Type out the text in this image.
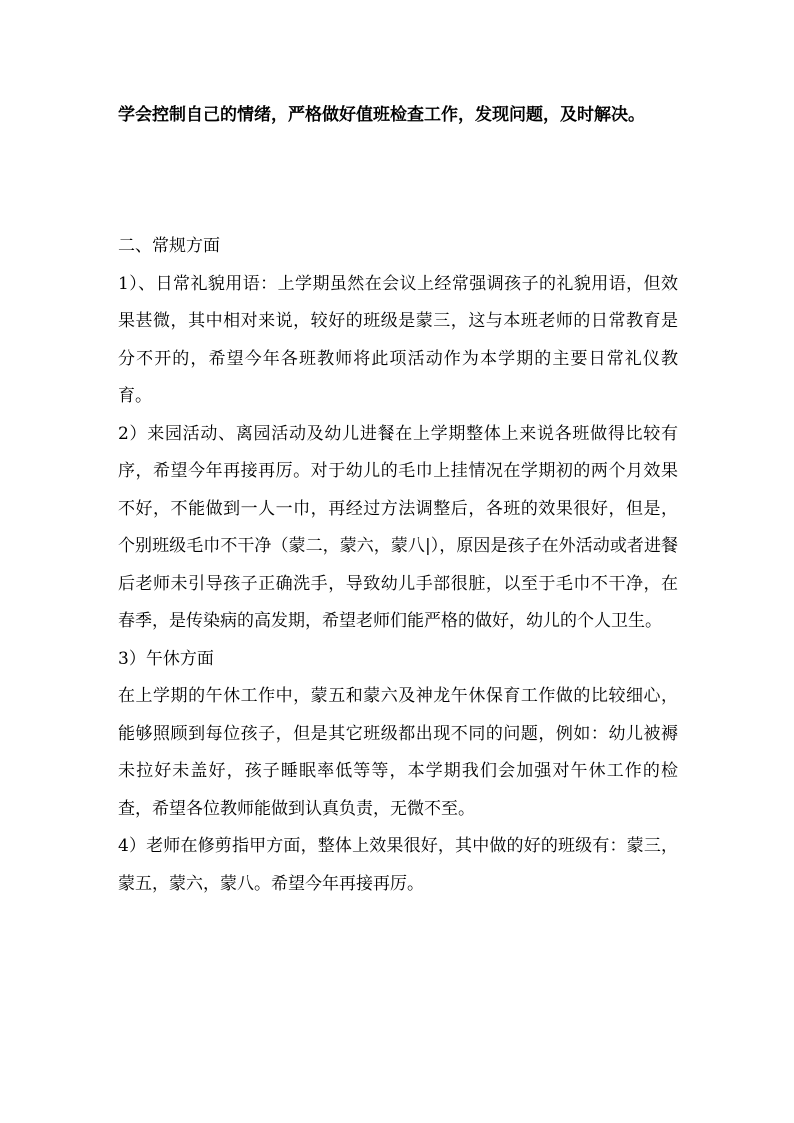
学会控制自己的情绪，严格做好值班检查工作，发现问题，及时解决。

二、常规方面

1）、日常礼貌用语：上学期虽然在会议上经常强调孩子的礼貌用语，但效果甚微，其中相对来说，较好的班级是蒙三，这与本班老师的日常教育是分不开的，希望今年各班教师将此项活动作为本学期的主要日常礼仪教育。

2）来园活动、离园活动及幼儿进餐在上学期整体上来说各班做得比较有序，希望今年再接再厉。对于幼儿的毛巾上挂情况在学期初的两个月效果不好，不能做到一人一巾，再经过方法调整后，各班的效果很好，但是，个别班级毛巾不干净（蒙二，蒙六，蒙八|），原因是孩子在外活动或者进餐后老师未引导孩子正确洗手，导致幼儿手部很脏，以至于毛巾不干净，在春季，是传染病的高发期，希望老师们能严格的做好，幼儿的个人卫生。

3）午休方面

在上学期的午休工作中，蒙五和蒙六及神龙午休保育工作做的比较细心，能够照顾到每位孩子，但是其它班级都出现不同的问题，例如：幼儿被褥未拉好未盖好，孩子睡眠率低等等，本学期我们会加强对午休工作的检查，希望各位教师能做到认真负责，无微不至。

4）老师在修剪指甲方面，整体上效果很好，其中做的好的班级有：蒙三，蒙五，蒙六，蒙八。希望今年再接再厉。
